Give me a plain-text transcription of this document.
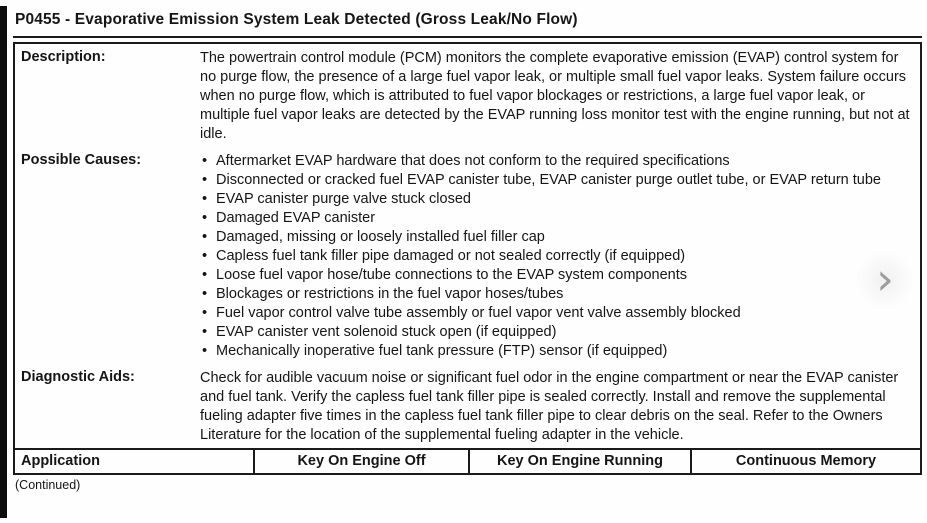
P0455 - Evaporative Emission System Leak Detected (Gross Leak/No Flow)
Description:	The powertrain control module (PCM) monitors the complete evaporative emission (EVAP) control system for no purge flow, the presence of a large fuel vapor leak, or multiple small fuel vapor leaks. System failure occurs when no purge flow, which is attributed to fuel vapor blockages or restrictions, a large fuel vapor leak, or multiple fuel vapor leaks are detected by the EVAP running loss monitor test with the engine running, but not at idle.
Possible Causes:	• Aftermarket EVAP hardware that does not conform to the required specifications
• Disconnected or cracked fuel EVAP canister tube, EVAP canister purge outlet tube, or EVAP return tube
• EVAP canister purge valve stuck closed
• Damaged EVAP canister
• Damaged, missing or loosely installed fuel filler cap
• Capless fuel tank filler pipe damaged or not sealed correctly (if equipped)
• Loose fuel vapor hose/tube connections to the EVAP system components
• Blockages or restrictions in the fuel vapor hoses/tubes
• Fuel vapor control valve tube assembly or fuel vapor vent valve assembly blocked
• EVAP canister vent solenoid stuck open (if equipped)
• Mechanically inoperative fuel tank pressure (FTP) sensor (if equipped)
Diagnostic Aids:	Check for audible vacuum noise or significant fuel odor in the engine compartment or near the EVAP canister and fuel tank. Verify the capless fuel tank filler pipe is sealed correctly. Install and remove the supplemental fueling adapter five times in the capless fuel tank filler pipe to clear debris on the seal. Refer to the Owners Literature for the location of the supplemental fueling adapter in the vehicle.
Application	Key On Engine Off	Key On Engine Running	Continuous Memory
(Continued)
›
